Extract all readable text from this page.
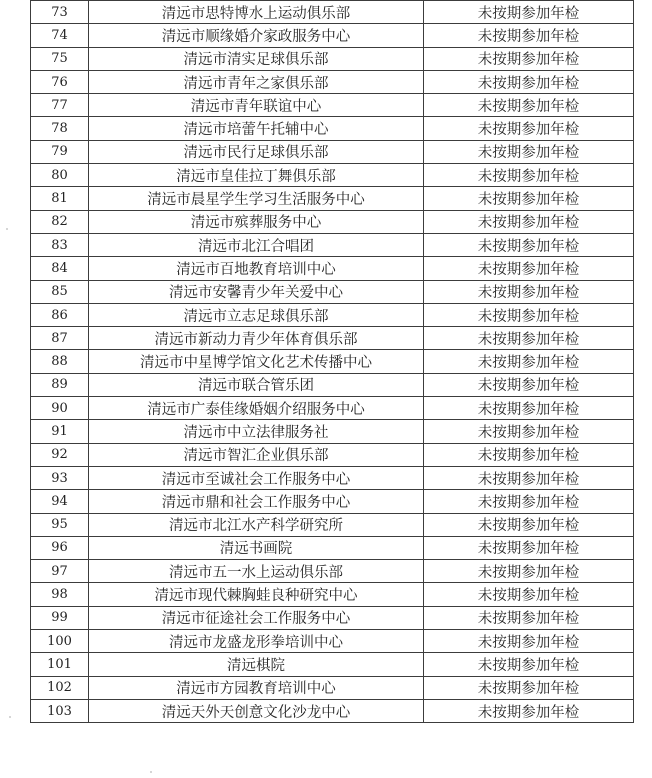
73	清远市思特博水上运动俱乐部	未按期参加年检
74	清远市顺缘婚介家政服务中心	未按期参加年检
75	清远市清实足球俱乐部	未按期参加年检
76	清远市青年之家俱乐部	未按期参加年检
77	清远市青年联谊中心	未按期参加年检
78	清远市培蕾午托辅中心	未按期参加年检
79	清远市民行足球俱乐部	未按期参加年检
80	清远市皇佳拉丁舞俱乐部	未按期参加年检
81	清远市晨星学生学习生活服务中心	未按期参加年检
82	清远市殡葬服务中心	未按期参加年检
83	清远市北江合唱团	未按期参加年检
84	清远市百地教育培训中心	未按期参加年检
85	清远市安馨青少年关爱中心	未按期参加年检
86	清远市立志足球俱乐部	未按期参加年检
87	清远市新动力青少年体育俱乐部	未按期参加年检
88	清远市中星博学馆文化艺术传播中心	未按期参加年检
89	清远市联合管乐团	未按期参加年检
90	清远市广泰佳缘婚姻介绍服务中心	未按期参加年检
91	清远市中立法律服务社	未按期参加年检
92	清远市智汇企业俱乐部	未按期参加年检
93	清远市至诚社会工作服务中心	未按期参加年检
94	清远市鼎和社会工作服务中心	未按期参加年检
95	清远市北江水产科学研究所	未按期参加年检
96	清远书画院	未按期参加年检
97	清远市五一水上运动俱乐部	未按期参加年检
98	清远市现代棘胸蛙良种研究中心	未按期参加年检
99	清远市征途社会工作服务中心	未按期参加年检
100	清远市龙盛龙形拳培训中心	未按期参加年检
101	清远棋院	未按期参加年检
102	清远市方园教育培训中心	未按期参加年检
103	清远天外天创意文化沙龙中心	未按期参加年检
